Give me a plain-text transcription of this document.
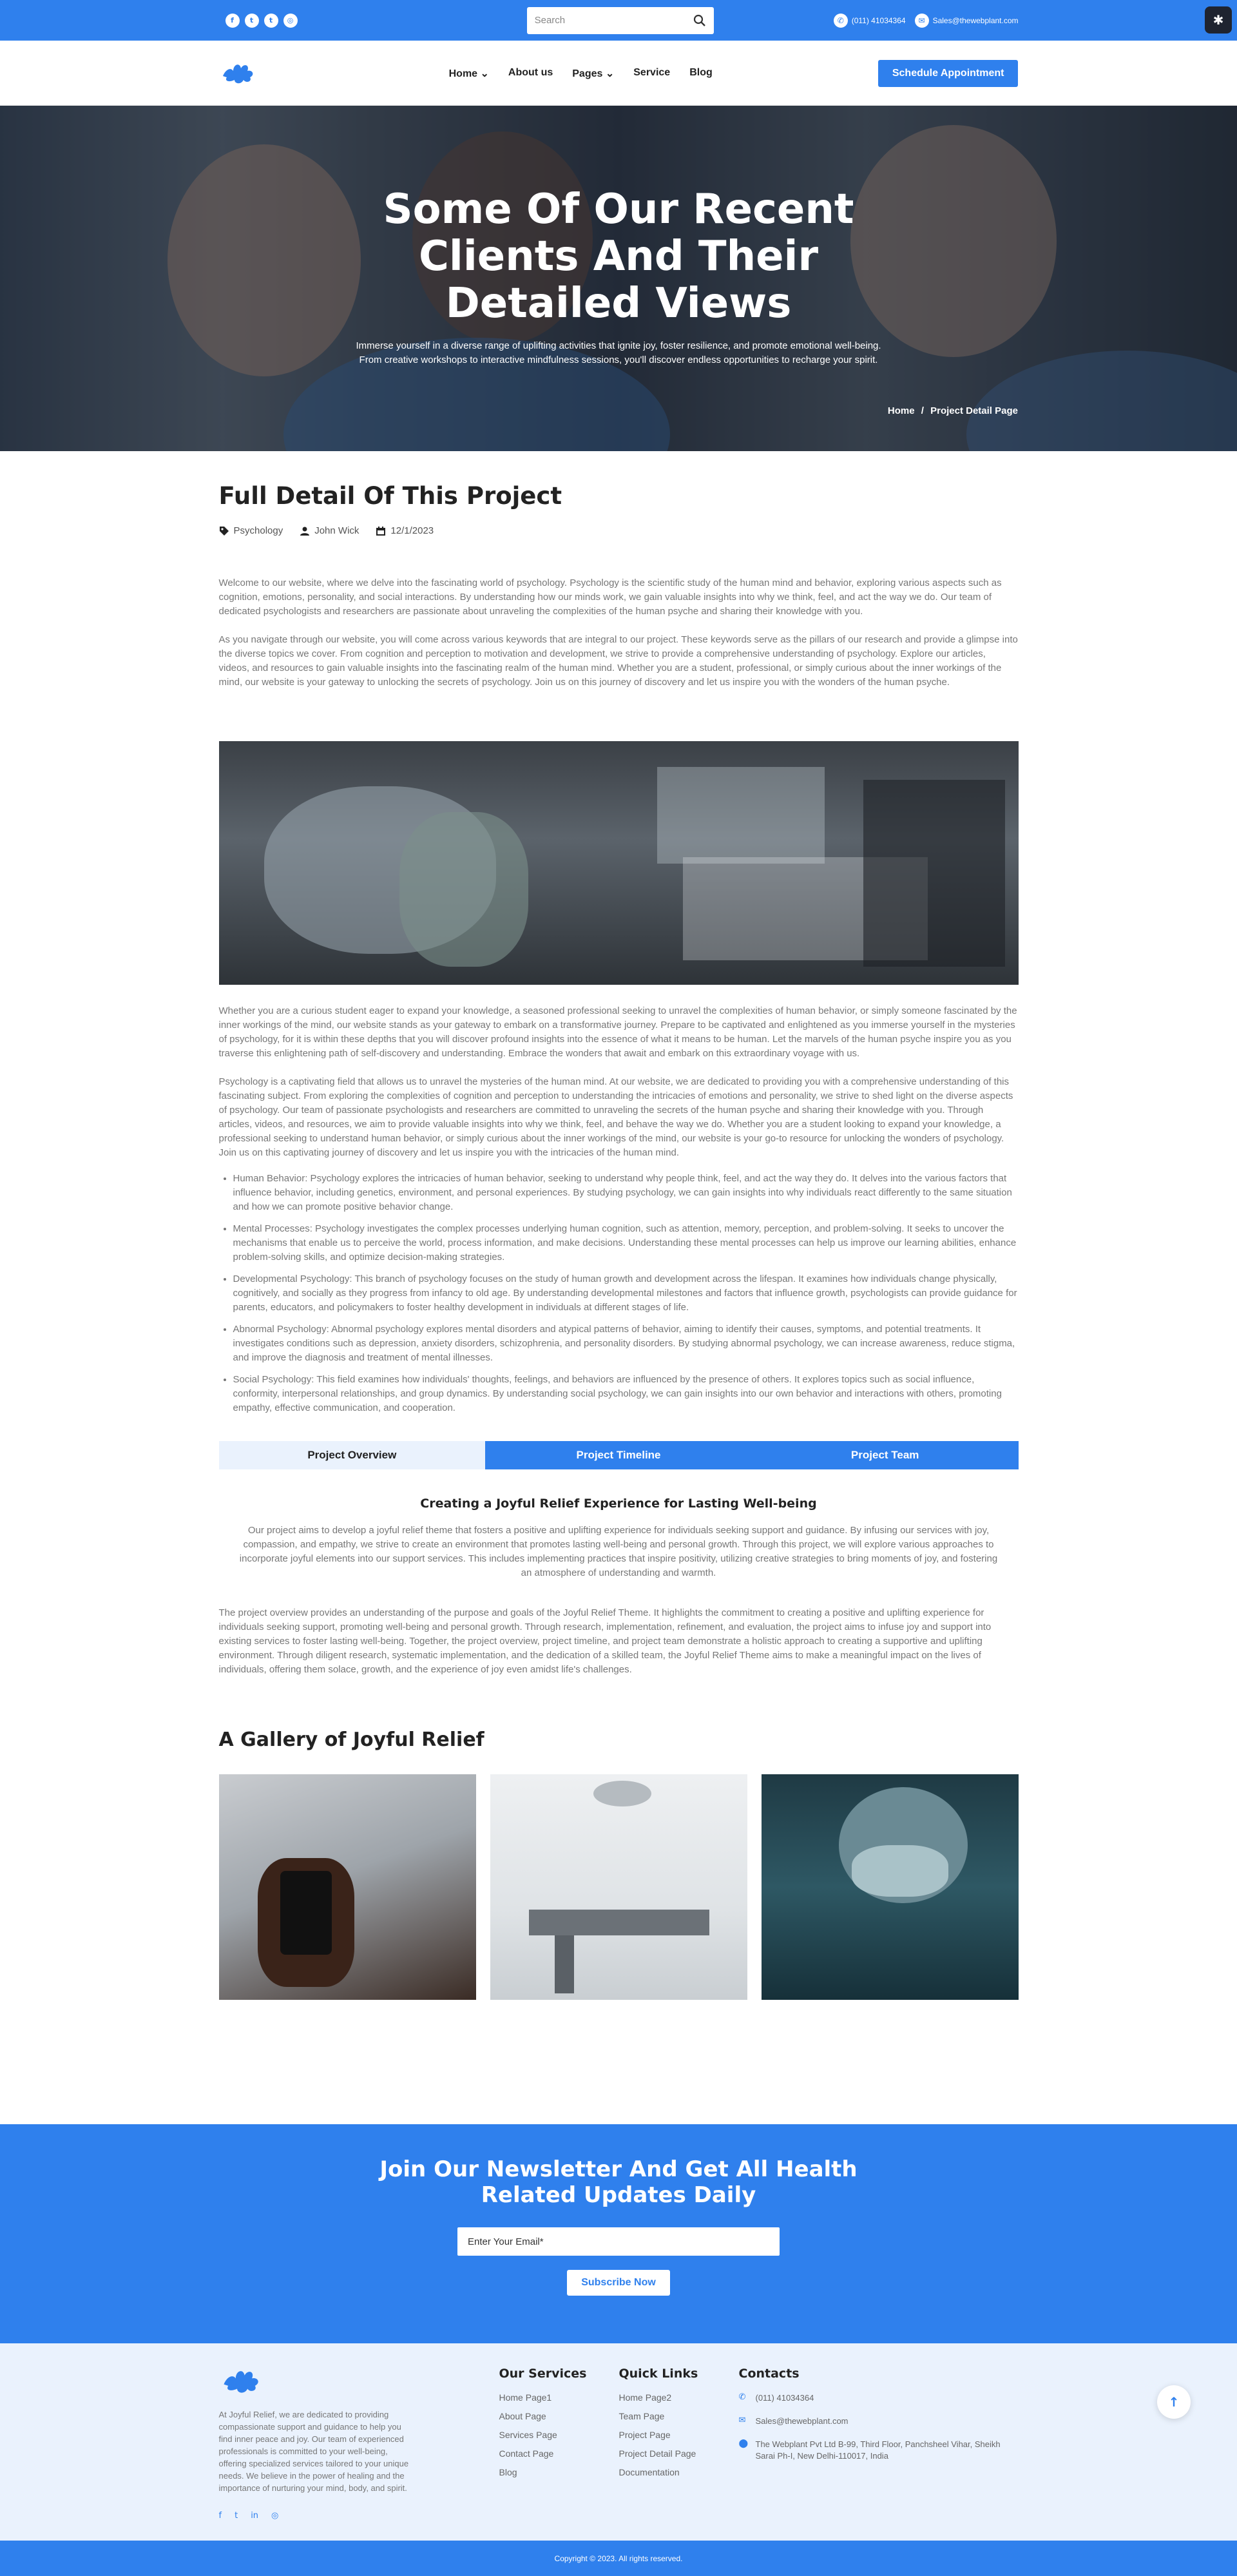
f	t	t	◎
Search	✆ (011) 41034364	✉ Sales@thewebplant.com	✱
Home ⌄ About us Pages ⌄ Service Blog	Schedule Appointment
Some Of Our Recent Clients And Their Detailed Views

Immerse yourself in a diverse range of uplifting activities that ignite joy, foster resilience, and promote emotional well-being.
From creative workshops to interactive mindfulness sessions, you'll discover endless opportunities to recharge your spirit.

Home / Project Detail Page
Full Detail Of This Project
Psychology	John Wick	12/1/2023

Welcome to our website, where we delve into the fascinating world of psychology. Psychology is the scientific study of the human mind and behavior, exploring various aspects such as cognition, emotions, personality, and social interactions. By understanding how our minds work, we gain valuable insights into why we think, feel, and act the way we do. Our team of dedicated psychologists and researchers are passionate about unraveling the complexities of the human psyche and sharing their knowledge with you.

As you navigate through our website, you will come across various keywords that are integral to our project. These keywords serve as the pillars of our research and provide a glimpse into the diverse topics we cover. From cognition and perception to motivation and development, we strive to provide a comprehensive understanding of psychology. Explore our articles, videos, and resources to gain valuable insights into the fascinating realm of the human mind. Whether you are a student, professional, or simply curious about the inner workings of the mind, our website is your gateway to unlocking the secrets of psychology. Join us on this journey of discovery and let us inspire you with the wonders of the human psyche.

Whether you are a curious student eager to expand your knowledge, a seasoned professional seeking to unravel the complexities of human behavior, or simply someone fascinated by the inner workings of the mind, our website stands as your gateway to embark on a transformative journey. Prepare to be captivated and enlightened as you immerse yourself in the mysteries of psychology, for it is within these depths that you will discover profound insights into the essence of what it means to be human. Let the marvels of the human psyche inspire you as you traverse this enlightening path of self-discovery and understanding. Embrace the wonders that await and embark on this extraordinary voyage with us.

Psychology is a captivating field that allows us to unravel the mysteries of the human mind. At our website, we are dedicated to providing you with a comprehensive understanding of this fascinating subject. From exploring the complexities of cognition and perception to understanding the intricacies of emotions and personality, we strive to shed light on the diverse aspects of psychology. Our team of passionate psychologists and researchers are committed to unraveling the secrets of the human psyche and sharing their knowledge with you. Through articles, videos, and resources, we aim to provide valuable insights into why we think, feel, and behave the way we do. Whether you are a student looking to expand your knowledge, a professional seeking to understand human behavior, or simply curious about the inner workings of the mind, our website is your go-to resource for unlocking the wonders of psychology. Join us on this captivating journey of discovery and let us inspire you with the intricacies of the human mind.

• Human Behavior: Psychology explores the intricacies of human behavior, seeking to understand why people think, feel, and act the way they do. It delves into the various factors that influence behavior, including genetics, environment, and personal experiences. By studying psychology, we can gain insights into why individuals react differently to the same situation and how we can promote positive behavior change.
• Mental Processes: Psychology investigates the complex processes underlying human cognition, such as attention, memory, perception, and problem-solving. It seeks to uncover the mechanisms that enable us to perceive the world, process information, and make decisions. Understanding these mental processes can help us improve our learning abilities, enhance problem-solving skills, and optimize decision-making strategies.
• Developmental Psychology: This branch of psychology focuses on the study of human growth and development across the lifespan. It examines how individuals change physically, cognitively, and socially as they progress from infancy to old age. By understanding developmental milestones and factors that influence growth, psychologists can provide guidance for parents, educators, and policymakers to foster healthy development in individuals at different stages of life.
• Abnormal Psychology: Abnormal psychology explores mental disorders and atypical patterns of behavior, aiming to identify their causes, symptoms, and potential treatments. It investigates conditions such as depression, anxiety disorders, schizophrenia, and personality disorders. By studying abnormal psychology, we can increase awareness, reduce stigma, and improve the diagnosis and treatment of mental illnesses.
• Social Psychology: This field examines how individuals' thoughts, feelings, and behaviors are influenced by the presence of others. It explores topics such as social influence, conformity, interpersonal relationships, and group dynamics. By understanding social psychology, we can gain insights into our own behavior and interactions with others, promoting empathy, effective communication, and cooperation.
Project Overview	Project Timeline	Project Team
Creating a Joyful Relief Experience for Lasting Well-being

Our project aims to develop a joyful relief theme that fosters a positive and uplifting experience for individuals seeking support and guidance. By infusing our services with joy, compassion, and empathy, we strive to create an environment that promotes lasting well-being and personal growth. Through this project, we will explore various approaches to incorporate joyful elements into our support services. This includes implementing practices that inspire positivity, utilizing creative strategies to bring moments of joy, and fostering an atmosphere of understanding and warmth.

The project overview provides an understanding of the purpose and goals of the Joyful Relief Theme. It highlights the commitment to creating a positive and uplifting experience for individuals seeking support, promoting well-being and personal growth. Through research, implementation, refinement, and evaluation, the project aims to infuse joy and support into existing services to foster lasting well-being. Together, the project overview, project timeline, and project team demonstrate a holistic approach to creating a supportive and uplifting environment. Through diligent research, systematic implementation, and the dedication of a skilled team, the Joyful Relief Theme aims to make a meaningful impact on the lives of individuals, offering them solace, growth, and the experience of joy even amidst life's challenges.

A Gallery of Joyful Relief
Join Our Newsletter And Get All Health Related Updates Daily
Enter Your Email*
Subscribe Now

At Joyful Relief, we are dedicated to providing compassionate support and guidance to help you find inner peace and joy. Our team of experienced professionals is committed to your well-being, offering specialized services tailored to your unique needs. We believe in the power of healing and the importance of nurturing your mind, body, and spirit.

f t in ◎
Our Services
Home Page1
About Page
Services Page
Contact Page
Blog
Quick Links
Home Page2
Team Page
Project Page
Project Detail Page
Documentation
Contacts
✆ (011) 41034364
✉ Sales@thewebplant.com
⬤ The Webplant Pvt Ltd B-99, Third Floor, Panchsheel Vihar, Sheikh Sarai Ph-I, New Delhi-110017, India
↑
Copyright © 2023. All rights reserved.
